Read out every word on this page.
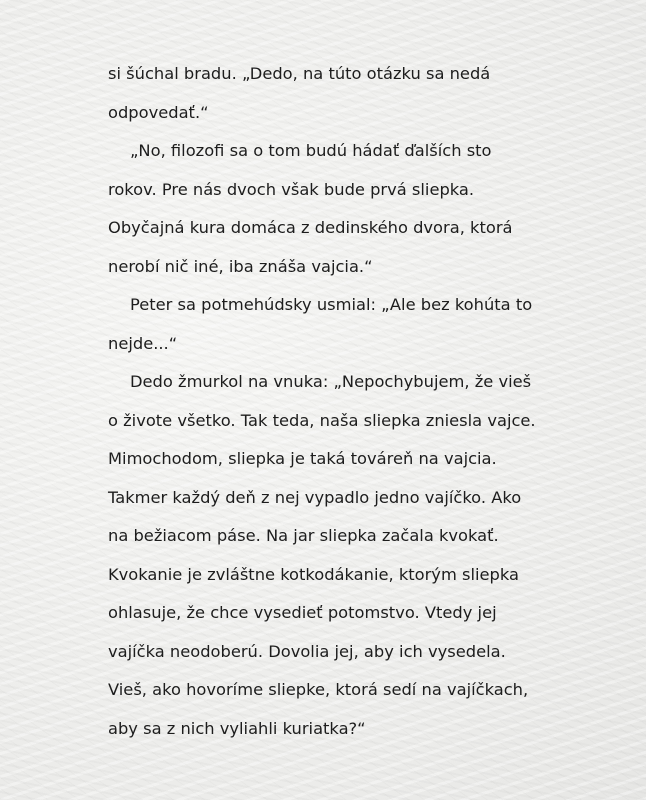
si šúchal bradu. „Dedo, na túto otázku sa nedá
odpovedať.“
„No, filozofi sa o tom budú hádať ďalších sto
rokov. Pre nás dvoch však bude prvá sliepka.
Obyčajná kura domáca z dedinského dvora, ktorá
nerobí nič iné, iba znáša vajcia.“
Peter sa potmehúdsky usmial: „Ale bez kohúta to
nejde...“
Dedo žmurkol na vnuka: „Nepochybujem, že vieš
o živote všetko. Tak teda, naša sliepka zniesla vajce.
Mimochodom, sliepka je taká továreň na vajcia.
Takmer každý deň z nej vypadlo jedno vajíčko. Ako
na bežiacom páse. Na jar sliepka začala kvokať.
Kvokanie je zvláštne kotkodákanie, ktorým sliepka
ohlasuje, že chce vysedieť potomstvo. Vtedy jej
vajíčka neodoberú. Dovolia jej, aby ich vysedela.
Vieš, ako hovoríme sliepke, ktorá sedí na vajíčkach,
aby sa z nich vyliahli kuriatka?“
